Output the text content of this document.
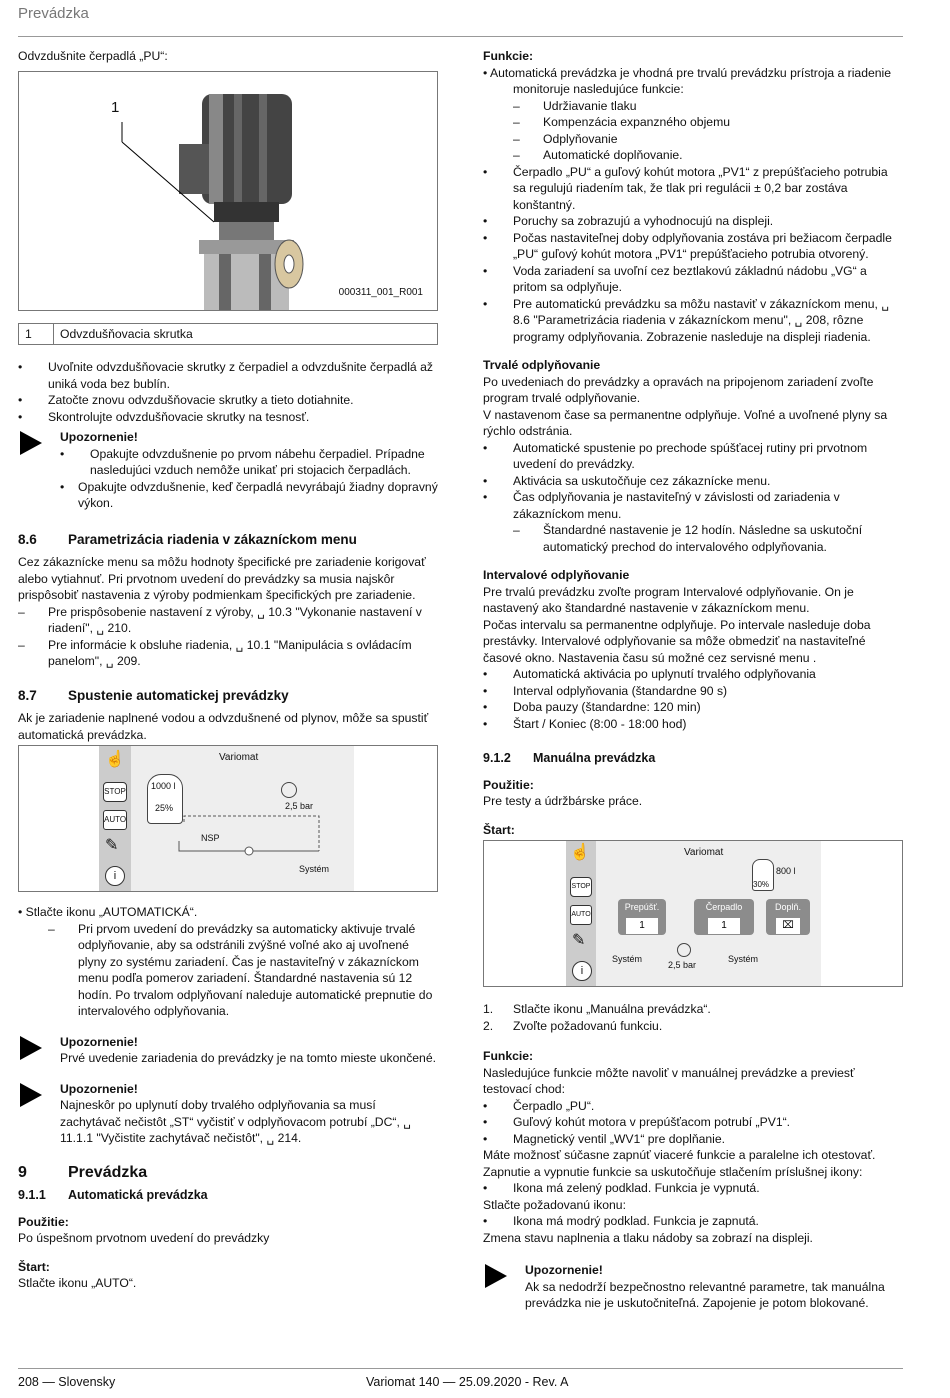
Prevádzka

Odvzdušnite čerpadlá „PU“:

1
000311_001_R001
1	Odvzdušňovacia skrutka
• Uvoľnite odvzdušňovacie skrutky z čerpadiel a odvzdušnite čerpadlá až uniká voda bez bublín.
• Zatočte znovu odvzdušňovacie skrutky a tieto dotiahnite.
• Skontrolujte odvzdušňovacie skrutky na tesnosť.

Upozornenie!

• Opakujte odvzdušnenie po prvom nábehu čerpadiel. Prípadne nasledujúci vzduch nemôže unikať pri stojacich čerpadlách.
• Opakujte odvzdušnenie, keď čerpadlá nevyrábajú žiadny dopravný výkon.

8.6 Parametrizácia riadenia v zákazníckom menu

Cez zákaznícke menu sa môžu hodnoty špecifické pre zariadenie korigovať alebo vytiahnuť. Pri prvotnom uvedení do prevádzky sa musia najskôr prispôsobiť nastavenia z výroby podmienkam špecifických pre zariadenie.

– Pre prispôsobenie nastavení z výroby, ␣ 10.3 "Vykonanie nastavení v riadení", ␣ 210.
– Pre informácie k obsluhe riadenia, ␣ 10.1 "Manipulácia s ovládacím panelom", ␣ 209.

8.7 Spustenie automatickej prevádzky

Ak je zariadenie naplnené vodou a odvzdušnené od plynov, môže sa spustiť automatická prevádzka.

STOP
AUTO
☝
✎
i
Variomat
1000 l
25%	2,5 bar
NSP
Systém
• Stlačte ikonu „AUTOMATICKÁ“.
– Pri prvom uvedení do prevádzky sa automaticky aktivuje trvalé odplyňovanie, aby sa odstránili zvýšné voľné ako aj uvoľnené plyny zo systému zariadení. Čas je nastaviteľný v zákazníckom menu podľa pomerov zariadení. Štandardné nastavenia sú 12 hodín. Po trvalom odplyňovaní naleduje automatické prepnutie do intervalového odplyňovania.

Upozornenie!

Prvé uvedenie zariadenia do prevádzky je na tomto mieste ukončené.

Upozornenie!

Najneskôr po uplynutí doby trvalého odplyňovania sa musí zachytávač nečistôt „ST“ vyčistiť v odplyňovacom potrubí „DC“, ␣ 11.1.1 "Vyčistite zachytávač nečistôt", ␣ 214.

9	Prevádzka

9.1.1 Automatická prevádzka

Použitie:

Po úspešnom prvotnom uvedení do prevádzky

Štart:

Stlačte ikonu „AUTO“.

Funkcie:

• Automatická prevádzka je vhodná pre trvalú prevádzku prístroja a riadenie monitoruje nasledujúce funkcie:
– Udržiavanie tlaku
– Kompenzácia expanzného objemu
– Odplyňovanie
– Automatické doplňovanie.
• Čerpadlo „PU“ a guľový kohút motora „PV1“ z prepúšťacieho potrubia sa regulujú riadením tak, že tlak pri regulácii ± 0,2 bar zostáva konštantný.
• Poruchy sa zobrazujú a vyhodnocujú na displeji.
• Počas nastaviteľnej doby odplyňovania zostáva pri bežiacom čerpadle „PU“ guľový kohút motora „PV1“ prepúšťacieho potrubia otvorený.
• Voda zariadení sa uvoľní cez beztlakovú základnú nádobu „VG“ a pritom sa odplyňuje.
• Pre automatickú prevádzku sa môžu nastaviť v zákazníckom menu, ␣ 8.6 "Parametrizácia riadenia v zákazníckom menu", ␣ 208, rôzne programy odplyňovania. Zobrazenie nasleduje na displeji riadenia.

Trvalé odplyňovanie

Po uvedeniach do prevádzky a opravách na pripojenom zariadení zvoľte program trvalé odplyňovanie.

V nastavenom čase sa permanentne odplyňuje. Voľné a uvoľnené plyny sa rýchlo odstránia.

• Automatické spustenie po prechode spúšťacej rutiny pri prvotnom uvedení do prevádzky.
• Aktivácia sa uskutočňuje cez zákaznícke menu.
• Čas odplyňovania je nastaviteľný v závislosti od zariadenia v zákazníckom menu.
– Štandardné nastavenie je 12 hodín. Následne sa uskutoční automatický prechod do intervalového odplyňovania.

Intervalové odplyňovanie

Pre trvalú prevádzku zvoľte program Intervalové odplyňovanie. On je nastavený ako štandardné nastavenie v zákazníckom menu.

Počas intervalu sa permanentne odplyňuje. Po intervale nasleduje doba prestávky. Intervalové odplyňovanie sa môže obmedziť na nastaviteľné časové okno. Nastavenia času sú možné cez servisné menu .

• Automatická aktivácia po uplynutí trvalého odplyňovania
• Interval odplyňovania (štandardne 90 s)
• Doba pauzy (štandardne: 120 min)
• Štart / Koniec (8:00 - 18:00 hod)

9.1.2 Manuálna prevádzka

Použitie:

Pre testy a údržbárske práce.

Štart:

☝
STOP
AUTO
✎
i
Variomat
800 l
30%
Prepúšť.
1
Čerpadlo
1
Doplň.
⌧
Systém	Systém
2,5 bar
1. Stlačte ikonu „Manuálna prevádzka“.
2. Zvoľte požadovanú funkciu.

Funkcie:

Nasledujúce funkcie môžte navoliť v manuálnej prevádzke a previesť testovací chod:

• Čerpadlo „PU“.
• Guľový kohút motora v prepúšťacom potrubí „PV1“.
• Magnetický ventil „WV1“ pre doplňanie.

Máte možnosť súčasne zapnúť viaceré funkcie a paralelne ich otestovať. Zapnutie a vypnutie funkcie sa uskutočňuje stlačením príslušnej ikony:

• Ikona má zelený podklad. Funkcia je vypnutá.

Stlačte požadovanú ikonu:

• Ikona má modrý podklad. Funkcia je zapnutá.

Zmena stavu naplnenia a tlaku nádoby sa zobrazí na displeji.

Upozornenie!

Ak sa nedodrží bezpečnostno relevantné parametre, tak manuálna prevádzka nie je uskutočniteľná. Zapojenie je potom blokované.

208 — Slovensky	Variomat 140 — 25.09.2020 - Rev. A
